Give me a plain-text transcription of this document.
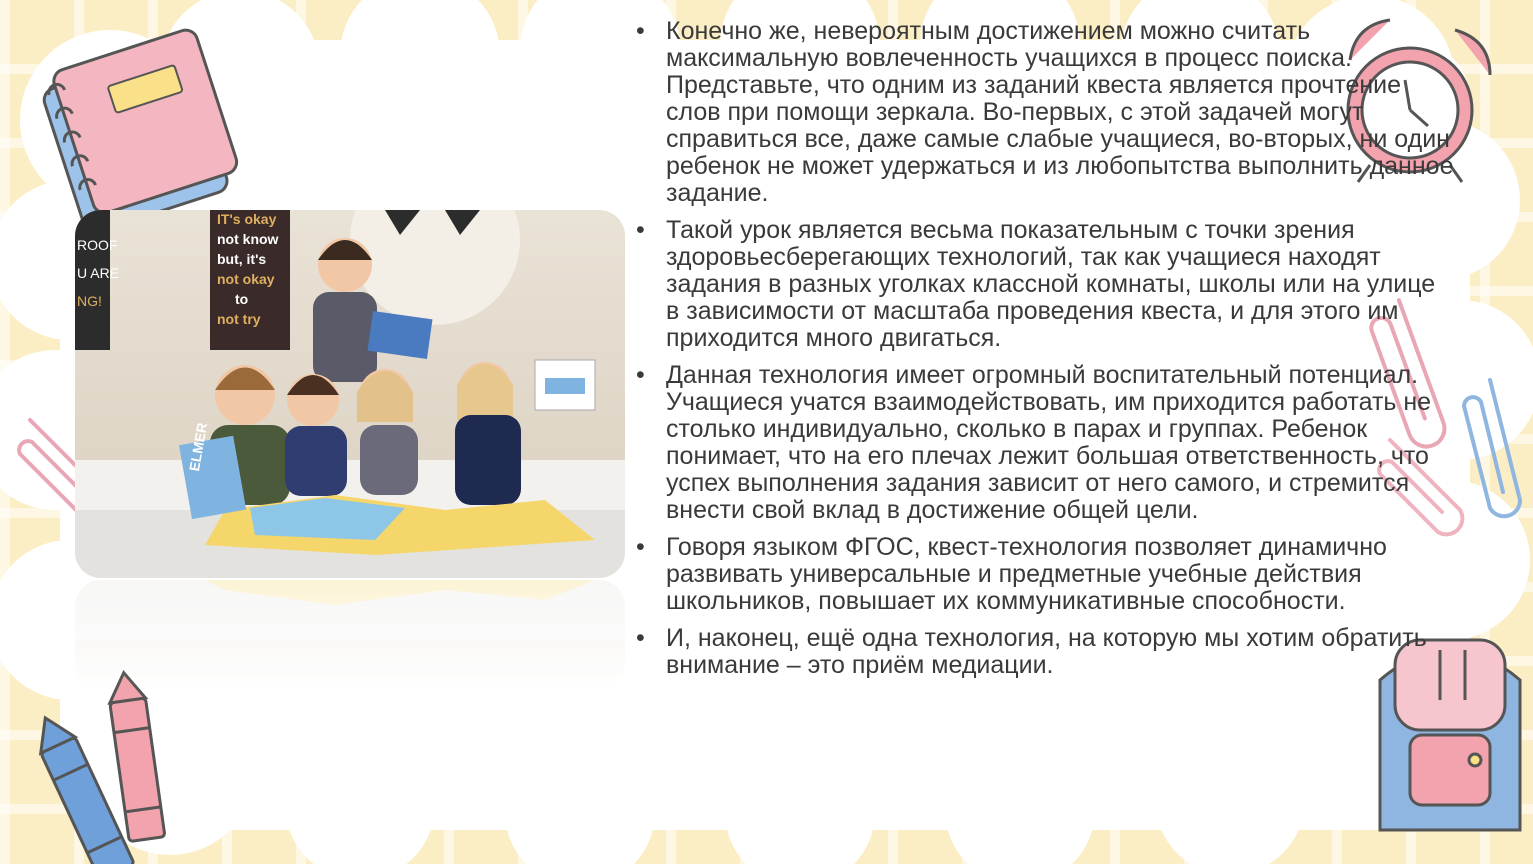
ROOF
U ARE
NG!
IT's okay
not know
but, it's
not okay
to
not try
ELMER
• Конечно же, невероятным достижением можно считать максимальную вовлеченность учащихся в процесс поиска. Представьте, что одним из заданий квеста является прочтение слов при помощи зеркала. Во-первых, с этой задачей могут справиться все, даже самые слабые учащиеся, во-вторых, ни один ребенок не может удержаться и из любопытства выполнить данное задание.
• Такой урок является весьма показательным с точки зрения здоровьесберегающих технологий, так как учащиеся находят задания в разных уголках классной комнаты, школы или на улице в зависимости от масштаба проведения квеста, и для этого им приходится много двигаться.
• Данная технология имеет огромный воспитательный потенциал. Учащиеся учатся взаимодействовать, им приходится работать не столько индивидуально, сколько в парах и группах. Ребенок понимает, что на его плечах лежит большая ответственность, что успех выполнения задания зависит от него самого, и стремится внести свой вклад в достижение общей цели.
• Говоря языком ФГОС, квест-технология позволяет динамично развивать универсальные и предметные учебные действия школьников, повышает их коммуникативные способности.
• И, наконец, ещё одна технология, на которую мы хотим обратить внимание – это приём медиации.
